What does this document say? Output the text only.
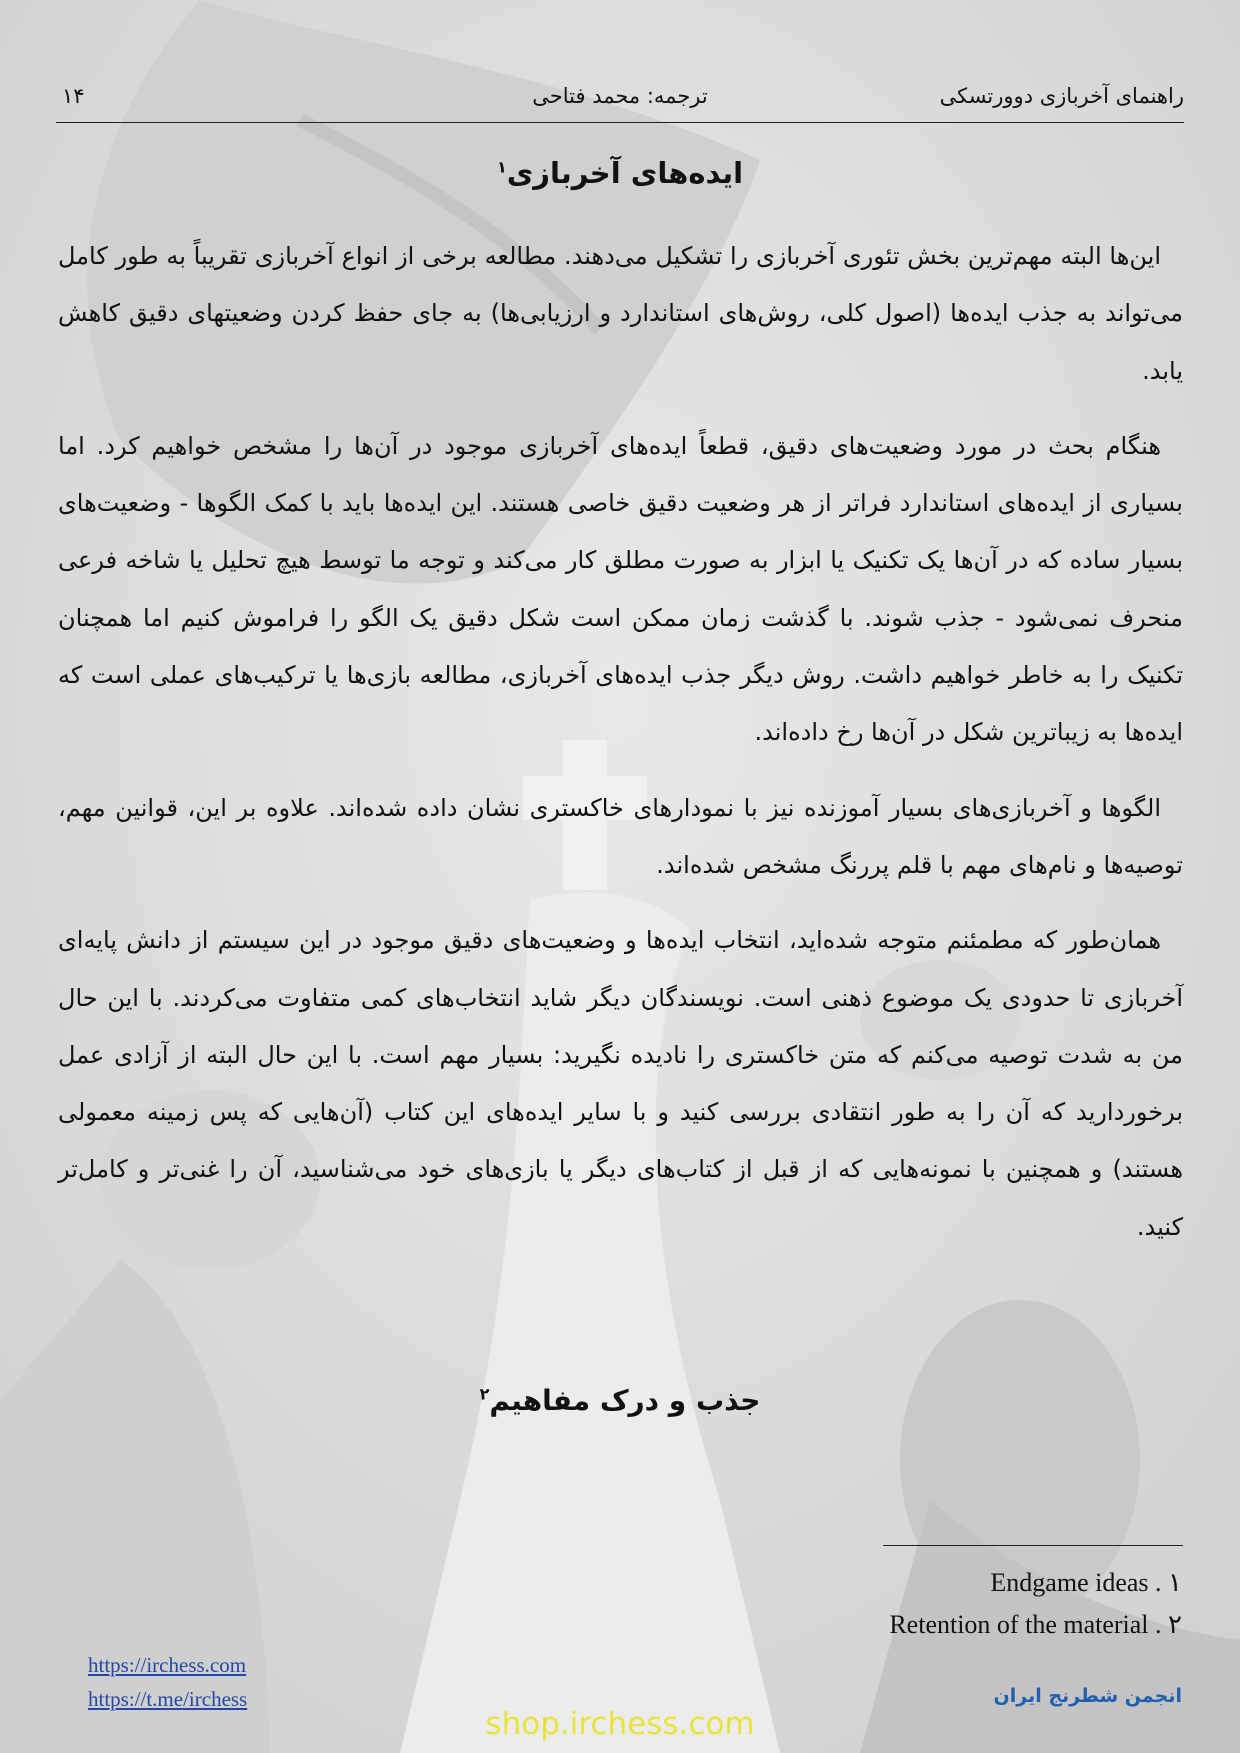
راهنمای آخربازی دوورتسکی
ترجمه: محمد فتاحی
۱۴
ایده‌های آخربازی$^۱$

این‌ها البته مهم‌ترین بخش تئوری آخربازی را تشکیل می‌دهند. مطالعه برخی از انواع آخربازی تقریباً به طور کامل می‌تواند به جذب ایده‌ها (اصول کلی، روش‌های استاندارد و ارزیابی‌ها) به جای حفظ کردن وضعیتهای دقیق کاهش یابد.

هنگام بحث در مورد وضعیت‌های دقیق، قطعاً ایده‌های آخربازی موجود در آن‌ها را مشخص خواهیم کرد. اما بسیاری از ایده‌های استاندارد فراتر از هر وضعیت دقیق خاصی هستند. این ایده‌ها باید با کمک الگوها - وضعیت‌های بسیار ساده که در آن‌ها یک تکنیک یا ابزار به صورت مطلق کار می‌کند و توجه ما توسط هیچ تحلیل یا شاخه فرعی منحرف نمی‌شود - جذب شوند. با گذشت زمان ممکن است شکل دقیق یک الگو را فراموش کنیم اما همچنان تکنیک را به خاطر خواهیم داشت. روش دیگر جذب ایده‌های آخربازی، مطالعه بازی‌ها یا ترکیب‌های عملی است که ایده‌ها به زیباترین شکل در آن‌ها رخ داده‌اند.

الگوها و آخربازی‌های بسیار آموزنده نیز با نمودارهای خاکستری نشان داده شده‌اند. علاوه بر این، قوانین مهم، توصیه‌ها و نام‌های مهم با قلم پررنگ مشخص شده‌اند.

همان‌طور که مطمئنم متوجه شده‌اید، انتخاب ایده‌ها و وضعیت‌های دقیق موجود در این سیستم از دانش پایه‌ای آخربازی تا حدودی یک موضوع ذهنی است. نویسندگان دیگر شاید انتخاب‌های کمی متفاوت می‌کردند. با این حال من به شدت توصیه می‌کنم که متن خاکستری را نادیده نگیرید: بسیار مهم است. با این حال البته از آزادی عمل برخوردارید که آن را به طور انتقادی بررسی کنید و با سایر ایده‌های این کتاب (آن‌هایی که پس زمینه معمولی هستند) و همچنین با نمونه‌هایی که از قبل از کتاب‌های دیگر یا بازی‌های خود می‌شناسید، آن را غنی‌تر و کامل‌تر کنید.

جذب و درک مفاهیم$^۲$
Endgame ideas . ۱
Retention of the material . ۲
https://irchess.com
https://t.me/irchess	انجمن شطرنج ایران
shop.irchess.com
